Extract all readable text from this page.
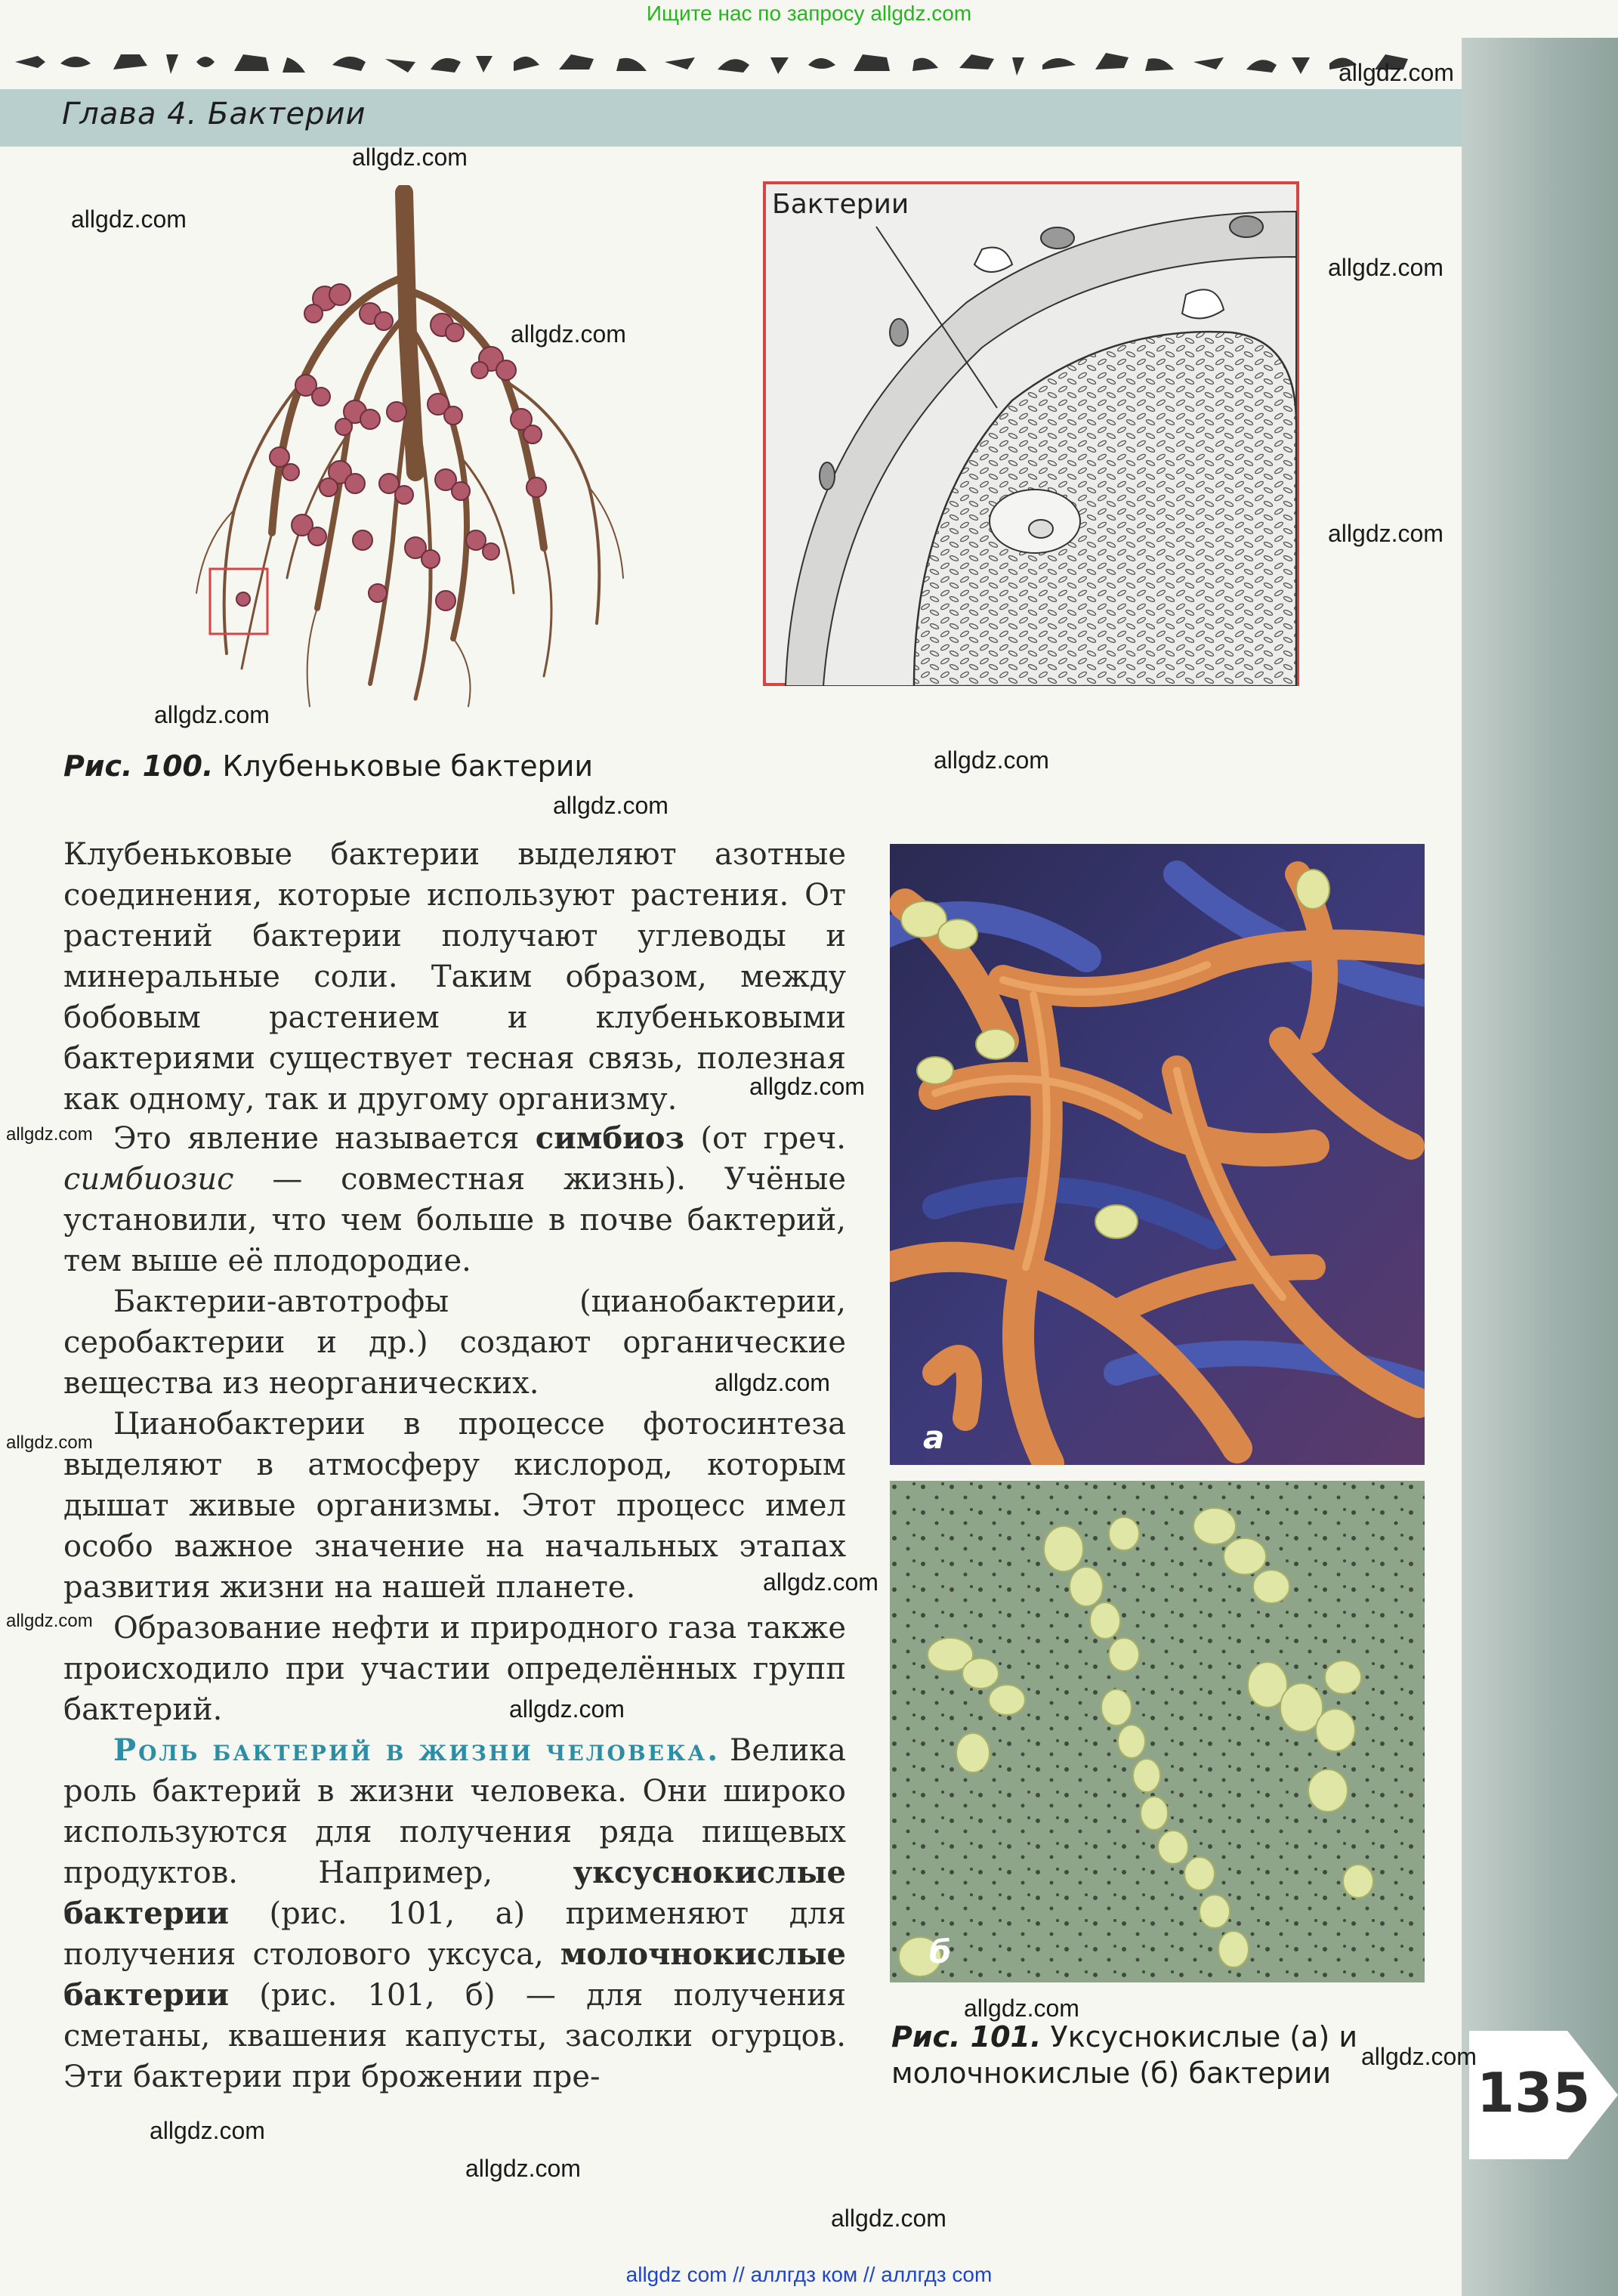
Ищите нас по запросу allgdz.com
Глава 4. Бактерии
Бактерии
Рис. 100. Клубеньковые бактерии
а
б
Рис. 101. Уксуснокислые (а) и
молочнокислые (б) бактерии	135

Клубеньковые бактерии выделяют азотные соединения, которые используют растения. От растений бактерии получают углеводы и минеральные соли. Таким образом, между бобовым растением и клубеньковыми бактериями существует тесная связь, полезная как одному, так и другому организму.

Это явление называется симбиоз (от греч. симбиозис — совместная жизнь). Учёные установили, что чем больше в почве бактерий, тем выше её плодородие.

Бактерии-автотрофы (цианобактерии, серобактерии и др.) создают органические вещества из неорганических.

Цианобактерии в процессе фотосинтеза выделяют в атмосферу кислород, которым дышат живые организмы. Этот процесс имел особо важное значение на начальных этапах развития жизни на нашей планете.

Образование нефти и природного газа также происходило при участии определённых групп бактерий.

Роль бактерий в жизни человека. Велика роль бактерий в жизни человека. Они широко используются для получения ряда пищевых продуктов. Например, уксуснокислые бактерии (рис. 101, а) применяют для получения столового уксуса, молочнокислые бактерии (рис. 101, б) — для получения сметаны, квашения капусты, засолки огурцов. Эти бактерии при брожении пре-

allgdz.com
allgdz.com
allgdz.com
allgdz.com
allgdz.com
allgdz.com
allgdz.com
allgdz.com
allgdz.com
allgdz.com
allgdz.com
allgdz.com
allgdz.com
allgdz.com
allgdz.com
allgdz.com
allgdz.com
allgdz.com
allgdz.com
allgdz.com
allgdz.com
allgdz com // аллгдз ком // аллгдз com
